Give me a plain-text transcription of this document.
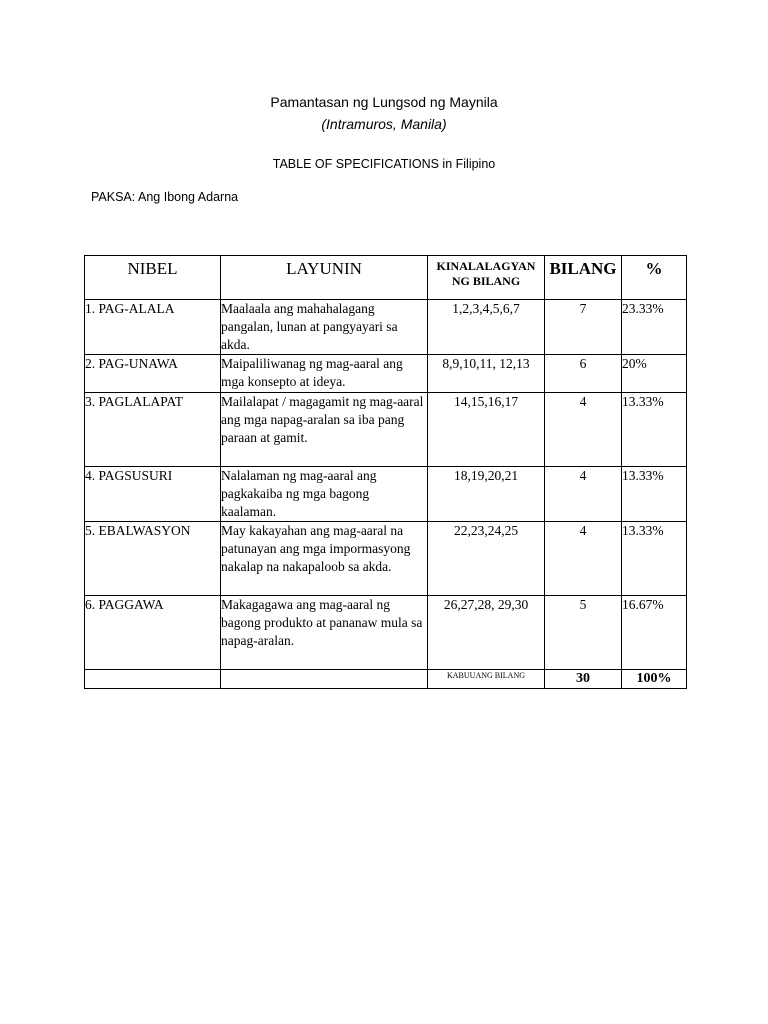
Pamantasan ng Lungsod ng Maynila
(Intramuros, Manila)
TABLE OF SPECIFICATIONS in Filipino
PAKSA: Ang Ibong Adarna
NIBEL	LAYUNIN	KINALALAGYAN NG BILANG	BILANG	%
1. PAG-ALALA	Maalaala ang mahahalagang pangalan, lunan at pangyayari sa akda.	1,2,3,4,5,6,7	7	23.33%
2. PAG-UNAWA	Maipaliliwanag ng mag-aaral ang mga konsepto at ideya.	8,9,10,11, 12,13	6	20%
3. PAGLALAPAT	Mailalapat / magagamit ng mag-aaral ang mga napag-aralan sa iba pang paraan at gamit.	14,15,16,17	4	13.33%
4. PAGSUSURI	Nalalaman ng mag-aaral ang pagkakaiba ng mga bagong kaalaman.	18,19,20,21	4	13.33%
5. EBALWASYON	May kakayahan ang mag-aaral na patunayan ang mga impormasyong nakalap na nakapaloob sa akda.	22,23,24,25	4	13.33%
6. PAGGAWA	Makagagawa ang mag-aaral ng bagong produkto at pananaw mula sa napag-aralan.	26,27,28, 29,30	5	16.67%
		KABUUANG BILANG	30	100%
